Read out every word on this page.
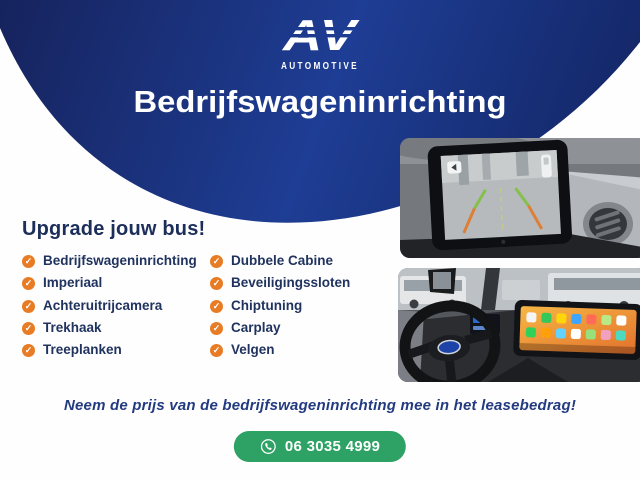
AUTOMOTIVE
Bedrijfswageninrichting
Upgrade jouw bus!
✓ Bedrijfswageninrichting
✓ Imperiaal
✓ Achteruitrijcamera
✓ Trekhaak
✓ Treeplanken
✓ Dubbele Cabine
✓ Beveiligingssloten
✓ Chiptuning
✓ Carplay
✓ Velgen

Neem de prijs van de bedrijfswageninrichting mee in het leasebedrag!

06 3035 4999
